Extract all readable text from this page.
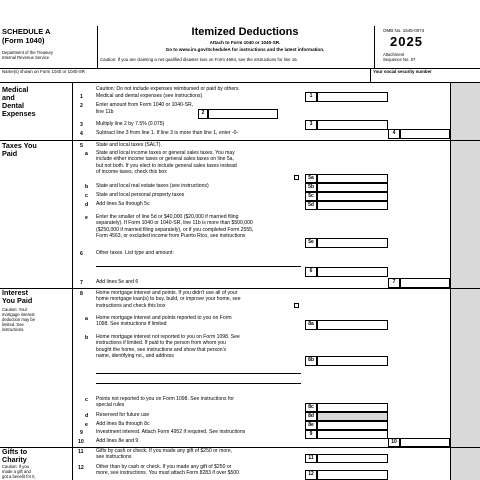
SCHEDULE A
(Form 1040)
Department of the Treasury
Internal Revenue Service
Itemized Deductions
Attach to Form 1040 or 1040-SR.
Go to www.irs.gov/ScheduleA for instructions and the latest information.
Caution: If you are claiming a net qualified disaster loss on Form 4684, see the instructions for line 16.
OMB No. 1545-0074
2025
Attachment
Sequence No. 07
Name(s) shown on Form 1040 or 1040-SR	Your social security number
Medical
and
Dental
Expenses
Caution: Do not include expenses reimbursed or paid by others.
1	Medical and dental expenses (see instructions)	1
2	Enter amount from Form 1040 or 1040-SR,
line 11b	2
3	Multiply line 2 by 7.5% (0.075)	3
4	Subtract line 3 from line 1. If line 3 is more than line 1, enter -0-	4
Taxes You
Paid
5	State and local taxes (SALT).
a State and local income taxes or general sales taxes. You may
include either income taxes or general sales taxes on line 5a,
but not both. If you elect to include general sales taxes instead
of income taxes, check this box
5a
b State and local real estate taxes (see instructions)	5b
c State and local personal property taxes	5c
d Add lines 5a through 5c	5d
e Enter the smaller of line 5d or $40,000 ($20,000 if married filing
separately). If Form 1040 or 1040-SR, line 11b is more than $500,000
($250,000 if married filing separately), or if you completed Form 2555,
Form 4563, or excluded income from Puerto Rico, see instructions
5e
6	Other taxes. List type and amount:
6
7	Add lines 5e and 6	7
Interest
You Paid
Caution: Your
mortgage interest
deduction may be
limited. See
instructions.
8	Home mortgage interest and points. If you didn't use all of your
home mortgage loan(s) to buy, build, or improve your home, see
instructions and check this box
a Home mortgage interest and points reported to you on Form
1098. See instructions if limited	8a
b Home mortgage interest not reported to you on Form 1098. See
instructions if limited. If paid to the person from whom you
bought the home, see instructions and show that person's
name, identifying no., and address
8b
c Points not reported to you on Form 1098. See instructions for
special rules	8c
d Reserved for future use	8d
e Add lines 8a through 8c	8e
9	Investment interest. Attach Form 4952 if required. See instructions	9
10 Add lines 8e and 9	10
Gifts to
Charity
Caution: If you
made a gift and
got a benefit for it,
11 Gifts by cash or check. If you made any gift of $250 or more,
see instructions	11
12 Other than by cash or check. If you made any gift of $250 or
more, see instructions. You must attach Form 8283 if over $500	12
